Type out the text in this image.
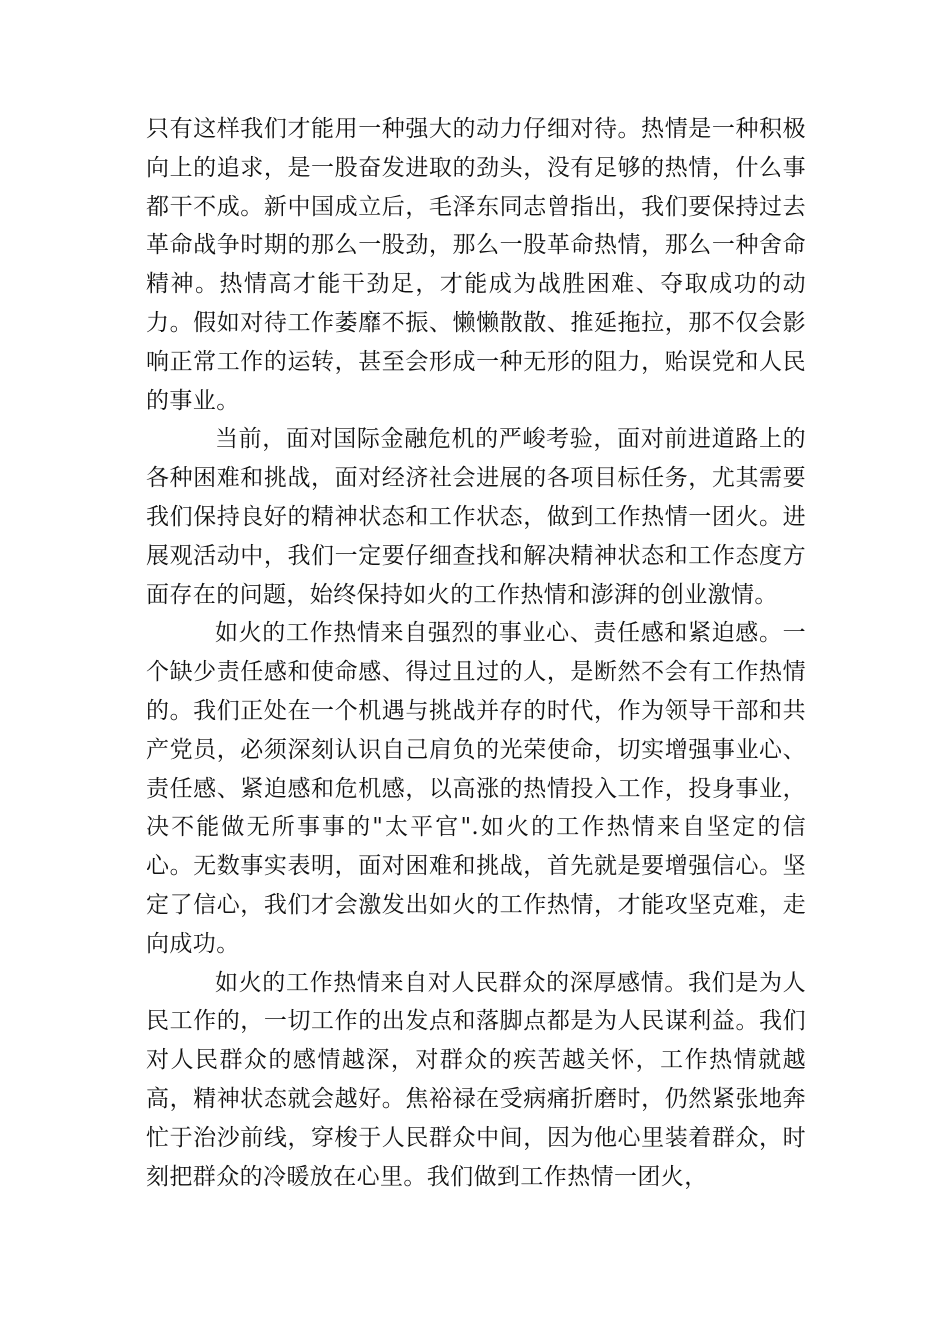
只有这样我们才能用一种强大的动力仔细对待。热情是一种积极向上的追求，是一股奋发进取的劲头，没有足够的热情，什么事都干不成。新中国成立后，毛泽东同志曾指出，我们要保持过去革命战争时期的那么一股劲，那么一股革命热情，那么一种舍命精神。热情高才能干劲足，才能成为战胜困难、夺取成功的动力。假如对待工作萎靡不振、懒懒散散、推延拖拉，那不仅会影响正常工作的运转，甚至会形成一种无形的阻力，贻误党和人民的事业。

当前，面对国际金融危机的严峻考验，面对前进道路上的各种困难和挑战，面对经济社会进展的各项目标任务，尤其需要我们保持良好的精神状态和工作状态，做到工作热情一团火。进展观活动中，我们一定要仔细查找和解决精神状态和工作态度方面存在的问题，始终保持如火的工作热情和澎湃的创业激情。

如火的工作热情来自强烈的事业心、责任感和紧迫感。一个缺少责任感和使命感、得过且过的人，是断然不会有工作热情的。我们正处在一个机遇与挑战并存的时代，作为领导干部和共产党员，必须深刻认识自己肩负的光荣使命，切实增强事业心、责任感、紧迫感和危机感，以高涨的热情投入工作，投身事业，决不能做无所事事的"太平官".如火的工作热情来自坚定的信心。无数事实表明，面对困难和挑战，首先就是要增强信心。坚定了信心，我们才会激发出如火的工作热情，才能攻坚克难，走向成功。

如火的工作热情来自对人民群众的深厚感情。我们是为人民工作的，一切工作的出发点和落脚点都是为人民谋利益。我们对人民群众的感情越深，对群众的疾苦越关怀，工作热情就越高，精神状态就会越好。焦裕禄在受病痛折磨时，仍然紧张地奔忙于治沙前线，穿梭于人民群众中间，因为他心里装着群众，时刻把群众的冷暖放在心里。我们做到工作热情一团火，
